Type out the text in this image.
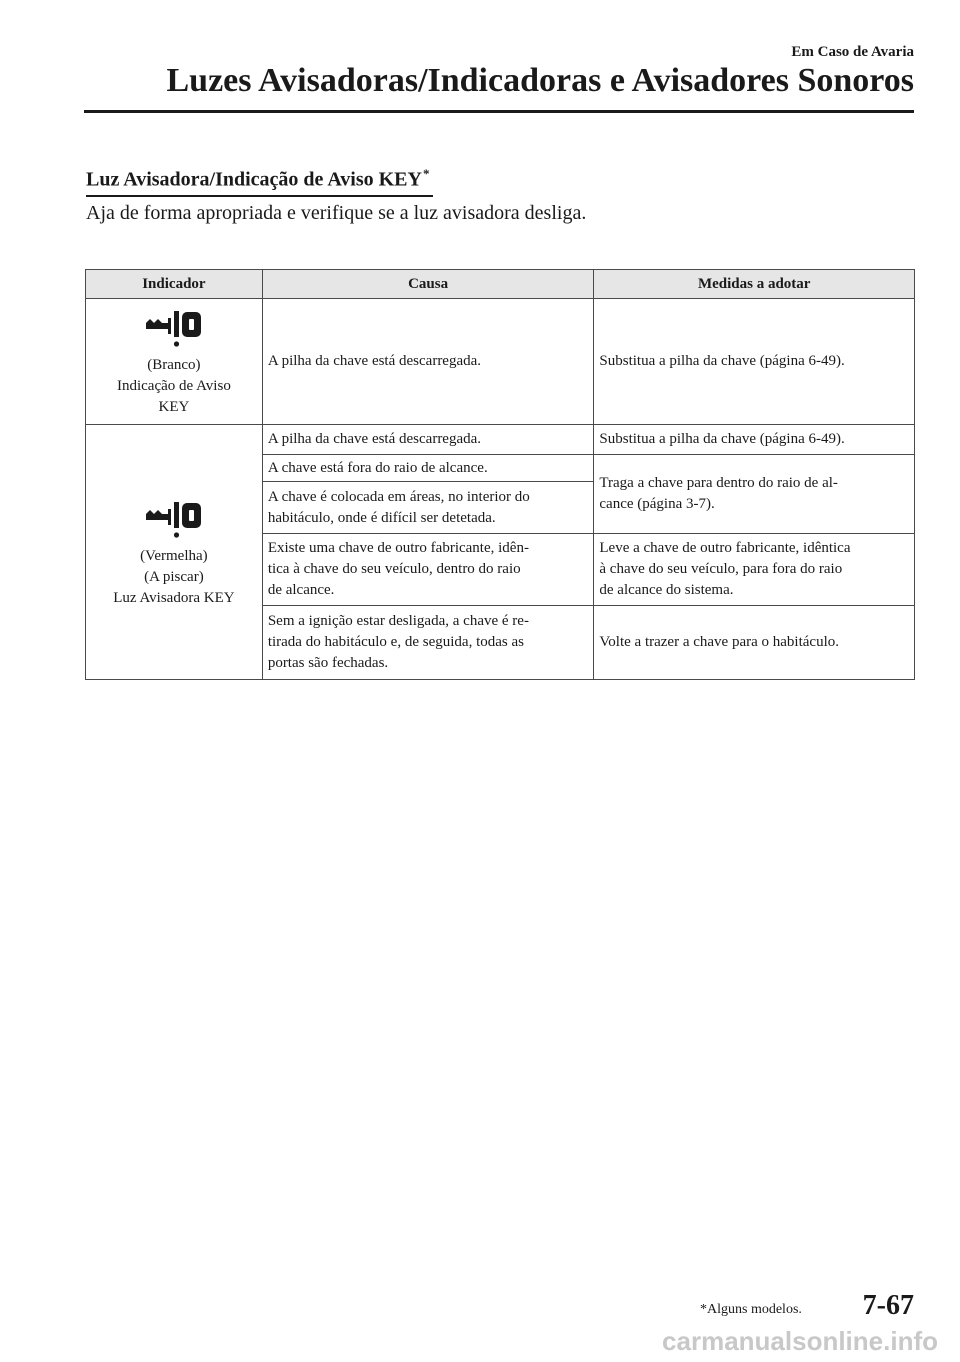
Em Caso de Avaria
Luzes Avisadoras/Indicadoras e Avisadores Sonoros
Luz Avisadora/Indicação de Aviso KEY*
Aja de forma apropriada e verifique se a luz avisadora desliga.
Indicador	Causa	Medidas a adotar

(Branco)
Indicação de Aviso
KEY	A pilha da chave está descarregada.	Substitua a pilha da chave (página 6-49).

(Vermelha)
(A piscar)
Luz Avisadora KEY	A pilha da chave está descarregada.	Substitua a pilha da chave (página 6-49).
	A chave está fora do raio de alcance.	Traga a chave para dentro do raio de al-
cance (página 3-7).
	A chave é colocada em áreas, no interior do
habitáculo, onde é difícil ser detetada.	
	Existe uma chave de outro fabricante, idên-
tica à chave do seu veículo, dentro do raio
de alcance.	Leve a chave de outro fabricante, idêntica
à chave do seu veículo, para fora do raio
de alcance do sistema.
	Sem a ignição estar desligada, a chave é re-
tirada do habitáculo e, de seguida, todas as
portas são fechadas.	Volte a trazer a chave para o habitáculo.
*Alguns modelos. 7-67
carmanualsonline.info
